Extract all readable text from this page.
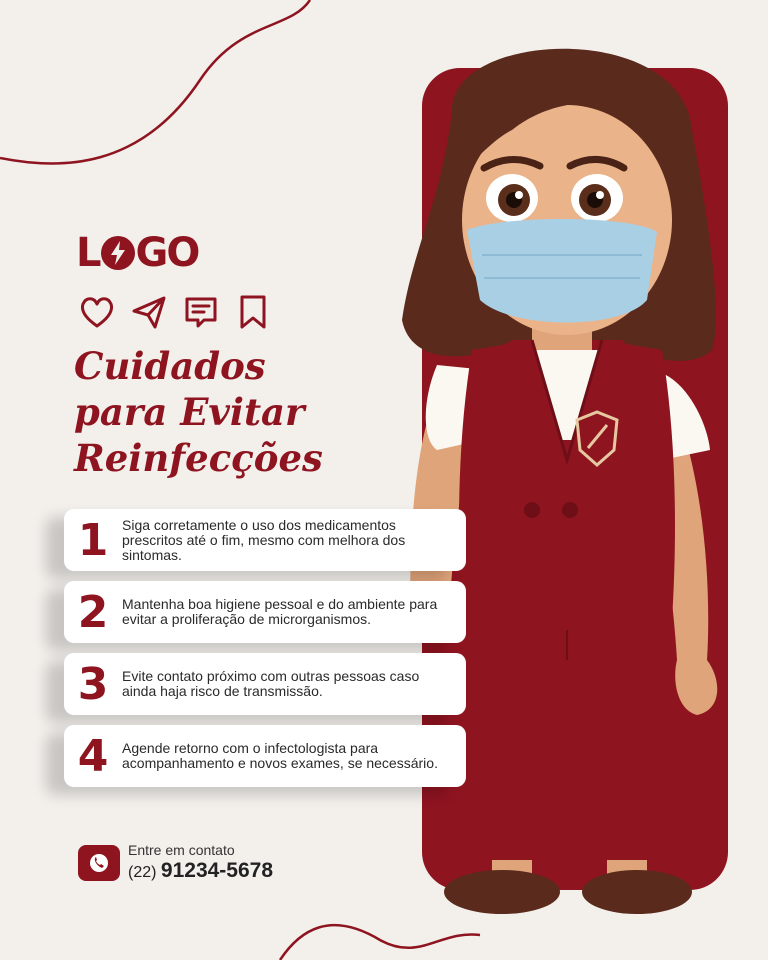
L GO
Cuidados
para Evitar
Reinfecções
1 Siga corretamente o uso dos medicamentos prescritos até o fim, mesmo com melhora dos sintomas.
2 Mantenha boa higiene pessoal e do ambiente para evitar a proliferação de microrganismos.
3 Evite contato próximo com outras pessoas caso ainda haja risco de transmissão.
4 Agende retorno com o infectologista para acompanhamento e novos exames, se necessário.
Entre em contato
(22) 91234-5678
